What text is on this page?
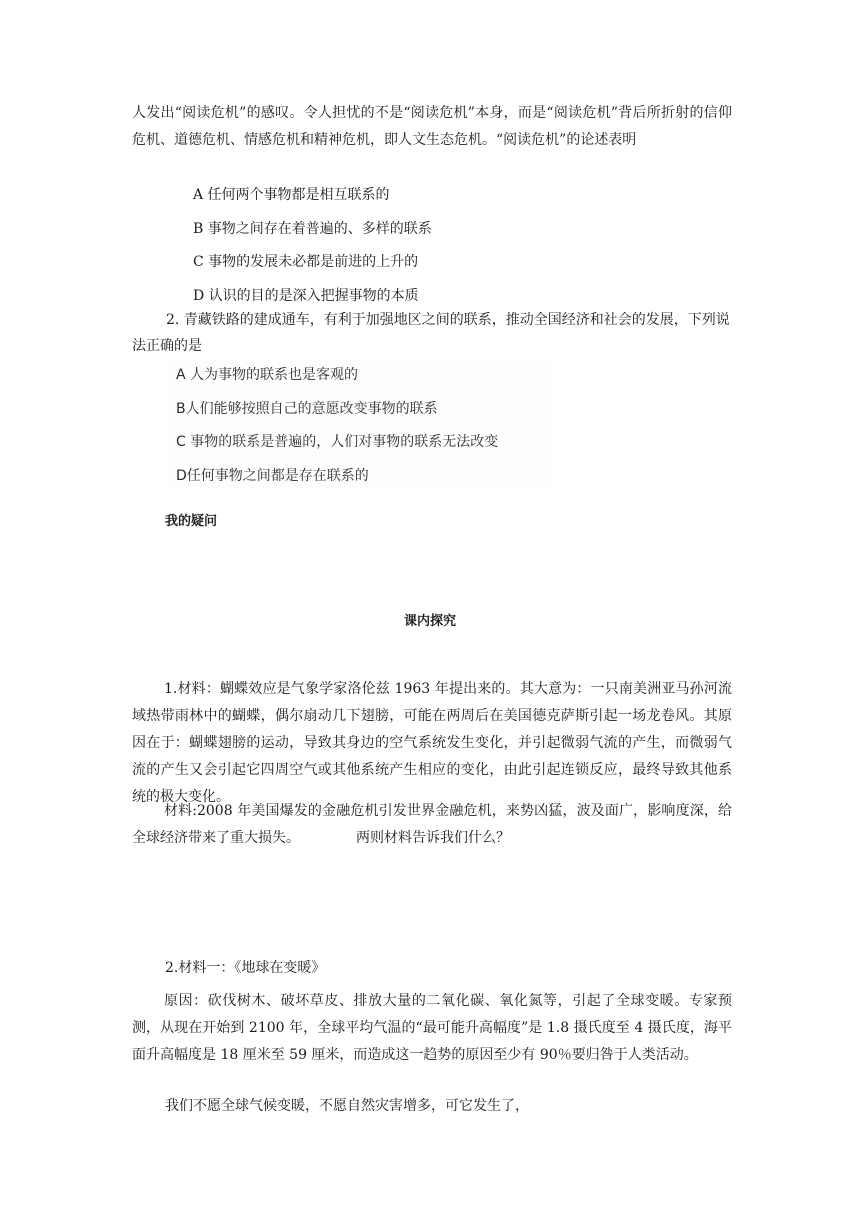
人发出“阅读危机”的感叹。令人担忧的不是“阅读危机”本身，而是“阅读危机”背后所折射的信仰危机、道德危机、情感危机和精神危机，即人文生态危机。“阅读危机”的论述表明

A 任何两个事物都是相互联系的

B 事物之间存在着普遍的、多样的联系

C 事物的发展未必都是前进的上升的

D 认识的目的是深入把握事物的本质

2. 青藏铁路的建成通车，有利于加强地区之间的联系，推动全国经济和社会的发展，下列说法正确的是

A 人为事物的联系也是客观的
B人们能够按照自己的意愿改变事物的联系
C 事物的联系是普遍的，人们对事物的联系无法改变
D任何事物之间都是存在联系的

我的疑问

课内探究

1.材料：蝴蝶效应是气象学家洛伦兹 1963 年提出来的。其大意为：一只南美洲亚马孙河流域热带雨林中的蝴蝶，偶尔扇动几下翅膀，可能在两周后在美国德克萨斯引起一场龙卷风。其原因在于：蝴蝶翅膀的运动，导致其身边的空气系统发生变化，并引起微弱气流的产生，而微弱气流的产生又会引起它四周空气或其他系统产生相应的变化，由此引起连锁反应，最终导致其他系统的极大变化。

材料:2008 年美国爆发的金融危机引发世界金融危机，来势凶猛，波及面广，影响度深，给全球经济带来了重大损失。	两则材料告诉我们什么？

2.材料一：《地球在变暖》

原因：砍伐树木、破坏草皮、排放大量的二氧化碳、氧化氮等，引起了全球变暖。专家预测，从现在开始到 2100 年，全球平均气温的“最可能升高幅度”是 1.8 摄氏度至 4 摄氏度，海平面升高幅度是 18 厘米至 59 厘米，而造成这一趋势的原因至少有 90％要归咎于人类活动。

我们不愿全球气候变暖，不愿自然灾害增多，可它发生了，
